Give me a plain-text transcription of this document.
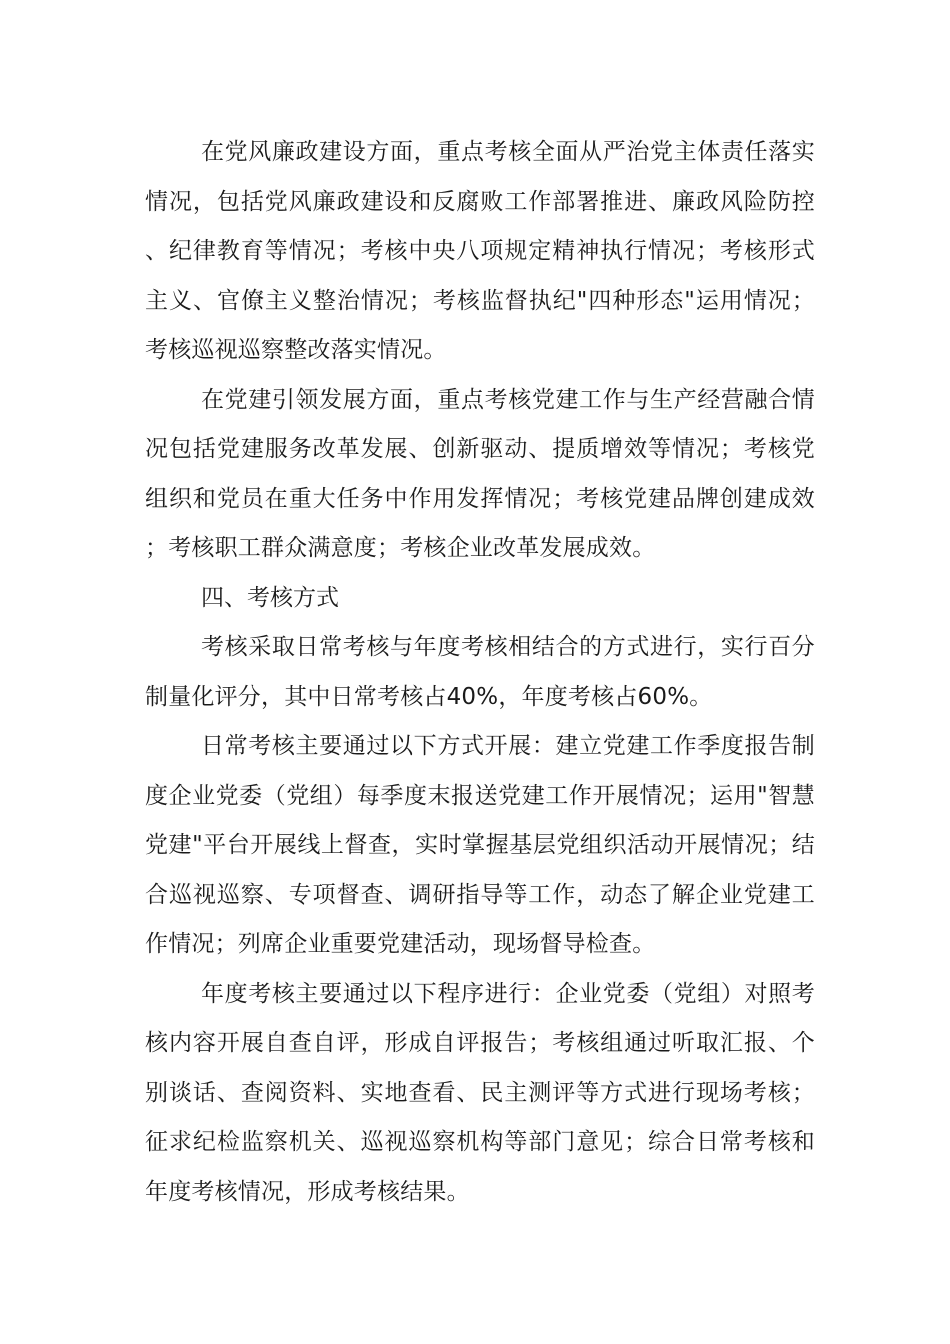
在党风廉政建设方面，重点考核全面从严治党主体责任落实情况，包括党风廉政建设和反腐败工作部署推进、廉政风险防控、纪律教育等情况；考核中央八项规定精神执行情况；考核形式主义、官僚主义整治情况；考核监督执纪"四种形态"运用情况；考核巡视巡察整改落实情况。

在党建引领发展方面，重点考核党建工作与生产经营融合情况包括党建服务改革发展、创新驱动、提质增效等情况；考核党组织和党员在重大任务中作用发挥情况；考核党建品牌创建成效；考核职工群众满意度；考核企业改革发展成效。

四、考核方式

考核采取日常考核与年度考核相结合的方式进行，实行百分制量化评分，其中日常考核占40%，年度考核占60%。

日常考核主要通过以下方式开展：建立党建工作季度报告制度企业党委（党组）每季度末报送党建工作开展情况；运用"智慧党建"平台开展线上督查，实时掌握基层党组织活动开展情况；结合巡视巡察、专项督查、调研指导等工作，动态了解企业党建工作情况；列席企业重要党建活动，现场督导检查。

年度考核主要通过以下程序进行：企业党委（党组）对照考核内容开展自查自评，形成自评报告；考核组通过听取汇报、个别谈话、查阅资料、实地查看、民主测评等方式进行现场考核；征求纪检监察机关、巡视巡察机构等部门意见；综合日常考核和年度考核情况，形成考核结果。
